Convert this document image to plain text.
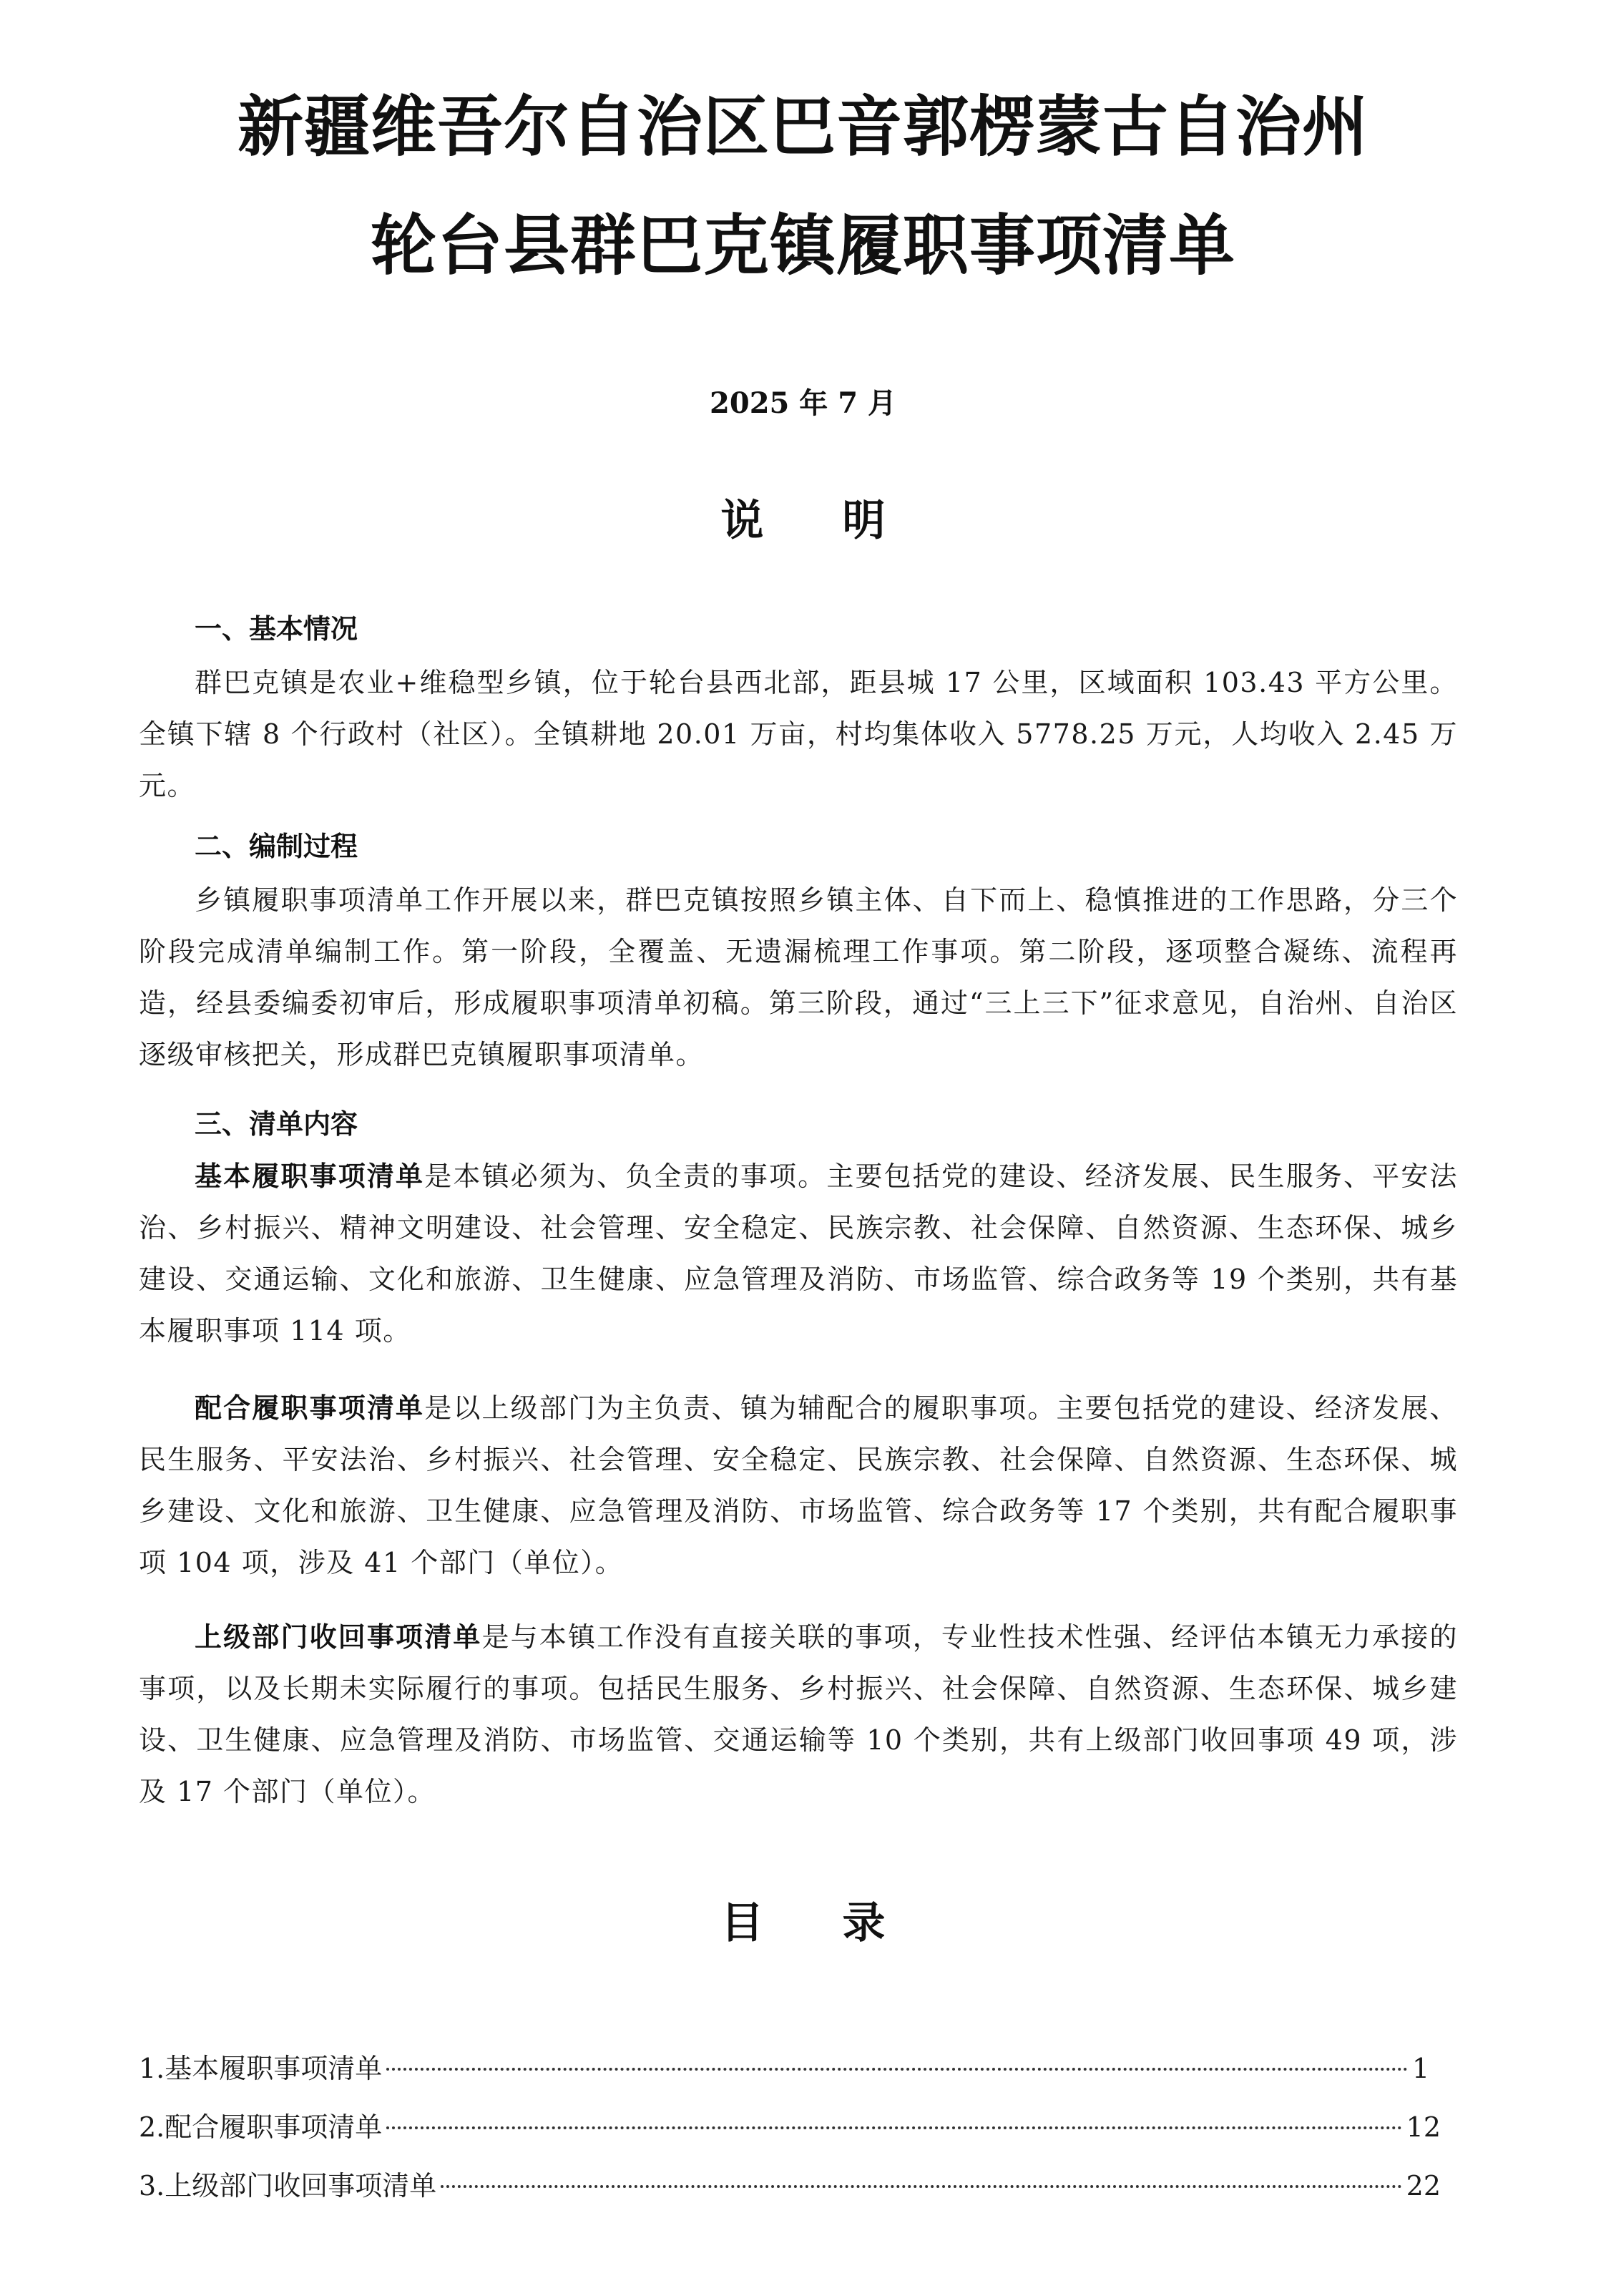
新疆维吾尔自治区巴音郭楞蒙古自治州
轮台县群巴克镇履职事项清单
2025 年 7 月
说明
一、基本情况
群巴克镇是农业+维稳型乡镇，位于轮台县西北部，距县城 17 公里，区域面积 103.43 平方公里。全镇下辖 8 个行政村（社区）。全镇耕地 20.01 万亩，村均集体收入 5778.25 万元，人均收入 2.45 万元。
二、编制过程
乡镇履职事项清单工作开展以来，群巴克镇按照乡镇主体、自下而上、稳慎推进的工作思路，分三个阶段完成清单编制工作。第一阶段，全覆盖、无遗漏梳理工作事项。第二阶段，逐项整合凝练、流程再造，经县委编委初审后，形成履职事项清单初稿。第三阶段，通过“三上三下”征求意见，自治州、自治区逐级审核把关，形成群巴克镇履职事项清单。
三、清单内容
基本履职事项清单是本镇必须为、负全责的事项。主要包括党的建设、经济发展、民生服务、平安法治、乡村振兴、精神文明建设、社会管理、安全稳定、民族宗教、社会保障、自然资源、生态环保、城乡建设、交通运输、文化和旅游、卫生健康、应急管理及消防、市场监管、综合政务等 19 个类别，共有基本履职事项 114 项。
配合履职事项清单是以上级部门为主负责、镇为辅配合的履职事项。主要包括党的建设、经济发展、民生服务、平安法治、乡村振兴、社会管理、安全稳定、民族宗教、社会保障、自然资源、生态环保、城乡建设、文化和旅游、卫生健康、应急管理及消防、市场监管、综合政务等 17 个类别，共有配合履职事项 104 项，涉及 41 个部门（单位）。
上级部门收回事项清单是与本镇工作没有直接关联的事项，专业性技术性强、经评估本镇无力承接的事项，以及长期未实际履行的事项。包括民生服务、乡村振兴、社会保障、自然资源、生态环保、城乡建设、卫生健康、应急管理及消防、市场监管、交通运输等 10 个类别，共有上级部门收回事项 49 项，涉及 17 个部门（单位）。
目录
1.基本履职事项清单	1
2.配合履职事项清单	12
3.上级部门收回事项清单	22
